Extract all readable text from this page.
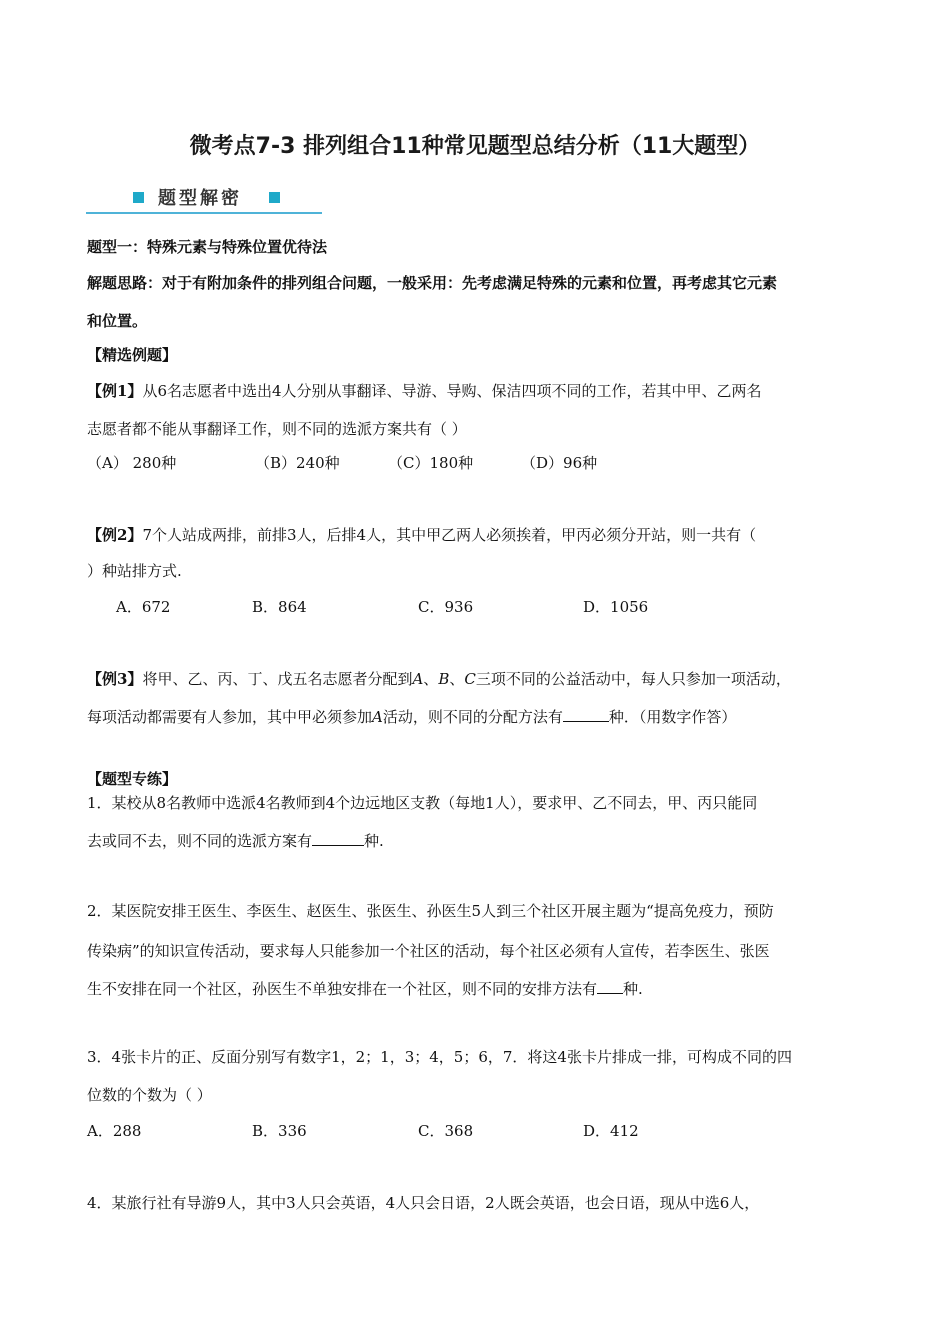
微考点7-3 排列组合11种常见题型总结分析（11大题型）
题型解密
题型一：特殊元素与特殊位置优待法
解题思路：对于有附加条件的排列组合问题，一般采用：先考虑满足特殊的元素和位置，再考虑其它元素
和位置。
【精选例题】
【例1】从6名志愿者中选出4人分别从事翻译、导游、导购、保洁四项不同的工作，若其中甲、乙两名
志愿者都不能从事翻译工作，则不同的选派方案共有（ ）
（A） 280种	（B）240种	（C）180种	（D）96种
【例2】7个人站成两排，前排3人，后排4人，其中甲乙两人必须挨着，甲丙必须分开站，则一共有（
）种站排方式.
A．672	B．864	C．936	D．1056
【例3】将甲、乙、丙、丁、戊五名志愿者分配到A、B、C三项不同的公益活动中，每人只参加一项活动，
每项活动都需要有人参加，其中甲必须参加A活动，则不同的分配方法有	种．（用数字作答）
【题型专练】
1．某校从8名教师中选派4名教师到4个边远地区支教（每地1人），要求甲、乙不同去，甲、丙只能同
去或同不去，则不同的选派方案有	种.
2．某医院安排王医生、李医生、赵医生、张医生、孙医生5人到三个社区开展主题为“提高免疫力，预防
传染病”的知识宣传活动，要求每人只能参加一个社区的活动，每个社区必须有人宣传，若李医生、张医
生不安排在同一个社区，孙医生不单独安排在一个社区，则不同的安排方法有 种.
3．4张卡片的正、反面分别写有数字1，2；1，3；4，5；6，7．将这4张卡片排成一排，可构成不同的四
位数的个数为（ ）
A．288	B．336	C．368	D．412
4．某旅行社有导游9人，其中3人只会英语，4人只会日语，2人既会英语，也会日语，现从中选6人，
